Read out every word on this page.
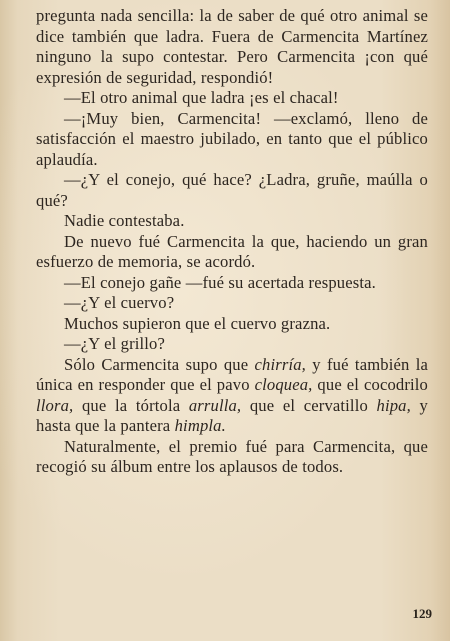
pregunta nada sencilla: la de saber de qué otro animal se dice también que ladra. Fuera de Carmencita Martínez ninguno la supo contestar. Pero Carmencita ¡con qué expresión de seguridad, respondió!

—El otro animal que ladra ¡es el chacal!

—¡Muy bien, Carmencita! —exclamó, lleno de satisfacción el maestro jubilado, en tanto que el público aplaudía.

—¿Y el conejo, qué hace? ¿Ladra, gruñe, maúlla o qué?

Nadie contestaba.

De nuevo fué Carmencita la que, haciendo un gran esfuerzo de memoria, se acordó.

—El conejo gañe —fué su acertada respuesta.

—¿Y el cuervo?

Muchos supieron que el cuervo grazna.

—¿Y el grillo?

Sólo Carmencita supo que chirría, y fué también la única en responder que el pavo cloquea, que el cocodrilo llora, que la tórtola arrulla, que el cervatillo hipa, y hasta que la pantera himpla.

Naturalmente, el premio fué para Carmencita, que recogió su álbum entre los aplausos de todos.

129
